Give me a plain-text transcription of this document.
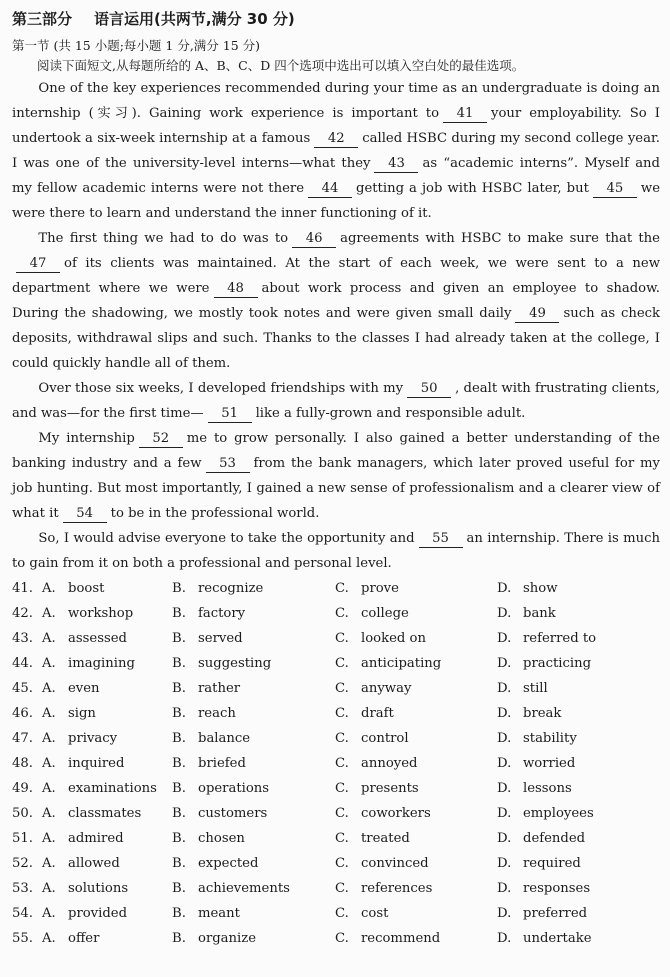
第三部分 语言运用(共两节,满分 30 分)
第一节 (共 15 小题;每小题 1 分,满分 15 分)
阅读下面短文,从每题所给的 A、B、C、D 四个选项中选出可以填入空白处的最佳选项。

One of the key experiences recommended during your time as an undergraduate is doing an internship (实习). Gaining work experience is important to 41 your employability. So I undertook a six-week internship at a famous 42 called HSBC during my second college year. I was one of the university-level interns—what they 43 as “academic interns”. Myself and my fellow academic interns were not there 44 getting a job with HSBC later, but 45 we were there to learn and understand the inner functioning of it.

The first thing we had to do was to 46 agreements with HSBC to make sure that the47 of its clients was maintained. At the start of each week, we were sent to a new department where we were 48 about work process and given an employee to shadow. During the shadowing, we mostly took notes and were given small daily 49 such as check deposits, withdrawal slips and such. Thanks to the classes I had already taken at the college, I could quickly handle all of them.

Over those six weeks, I developed friendships with my 50 , dealt with frustrating clients, and was—for the first time— 51 like a fully-grown and responsible adult.

My internship 52 me to grow personally. I also gained a better understanding of the banking industry and a few 53 from the bank managers, which later proved useful for my job hunting. But most importantly, I gained a new sense of professionalism and a clearer view of what it 54 to be in the professional world.

So, I would advise everyone to take the opportunity and 55 an internship. There is much to gain from it on both a professional and personal level.

41. A. boost	B. recognize	C. prove	D. show
42. A. workshop	B. factory	C. college	D. bank
43. A. assessed	B. served	C. looked on	D. referred to
44. A. imagining	B. suggesting	C. anticipating	D. practicing
45. A. even	B. rather	C. anyway	D. still
46. A. sign	B. reach	C. draft	D. break
47. A. privacy	B. balance	C. control	D. stability
48. A. inquired	B. briefed	C. annoyed	D. worried
49. A. examinations	B. operations	C. presents	D. lessons
50. A. classmates	B. customers	C. coworkers	D. employees
51. A. admired	B. chosen	C. treated	D. defended
52. A. allowed	B. expected	C. convinced	D. required
53. A. solutions	B. achievements	C. references	D. responses
54. A. provided	B. meant	C. cost	D. preferred
55. A. offer	B. organize	C. recommend	D. undertake
